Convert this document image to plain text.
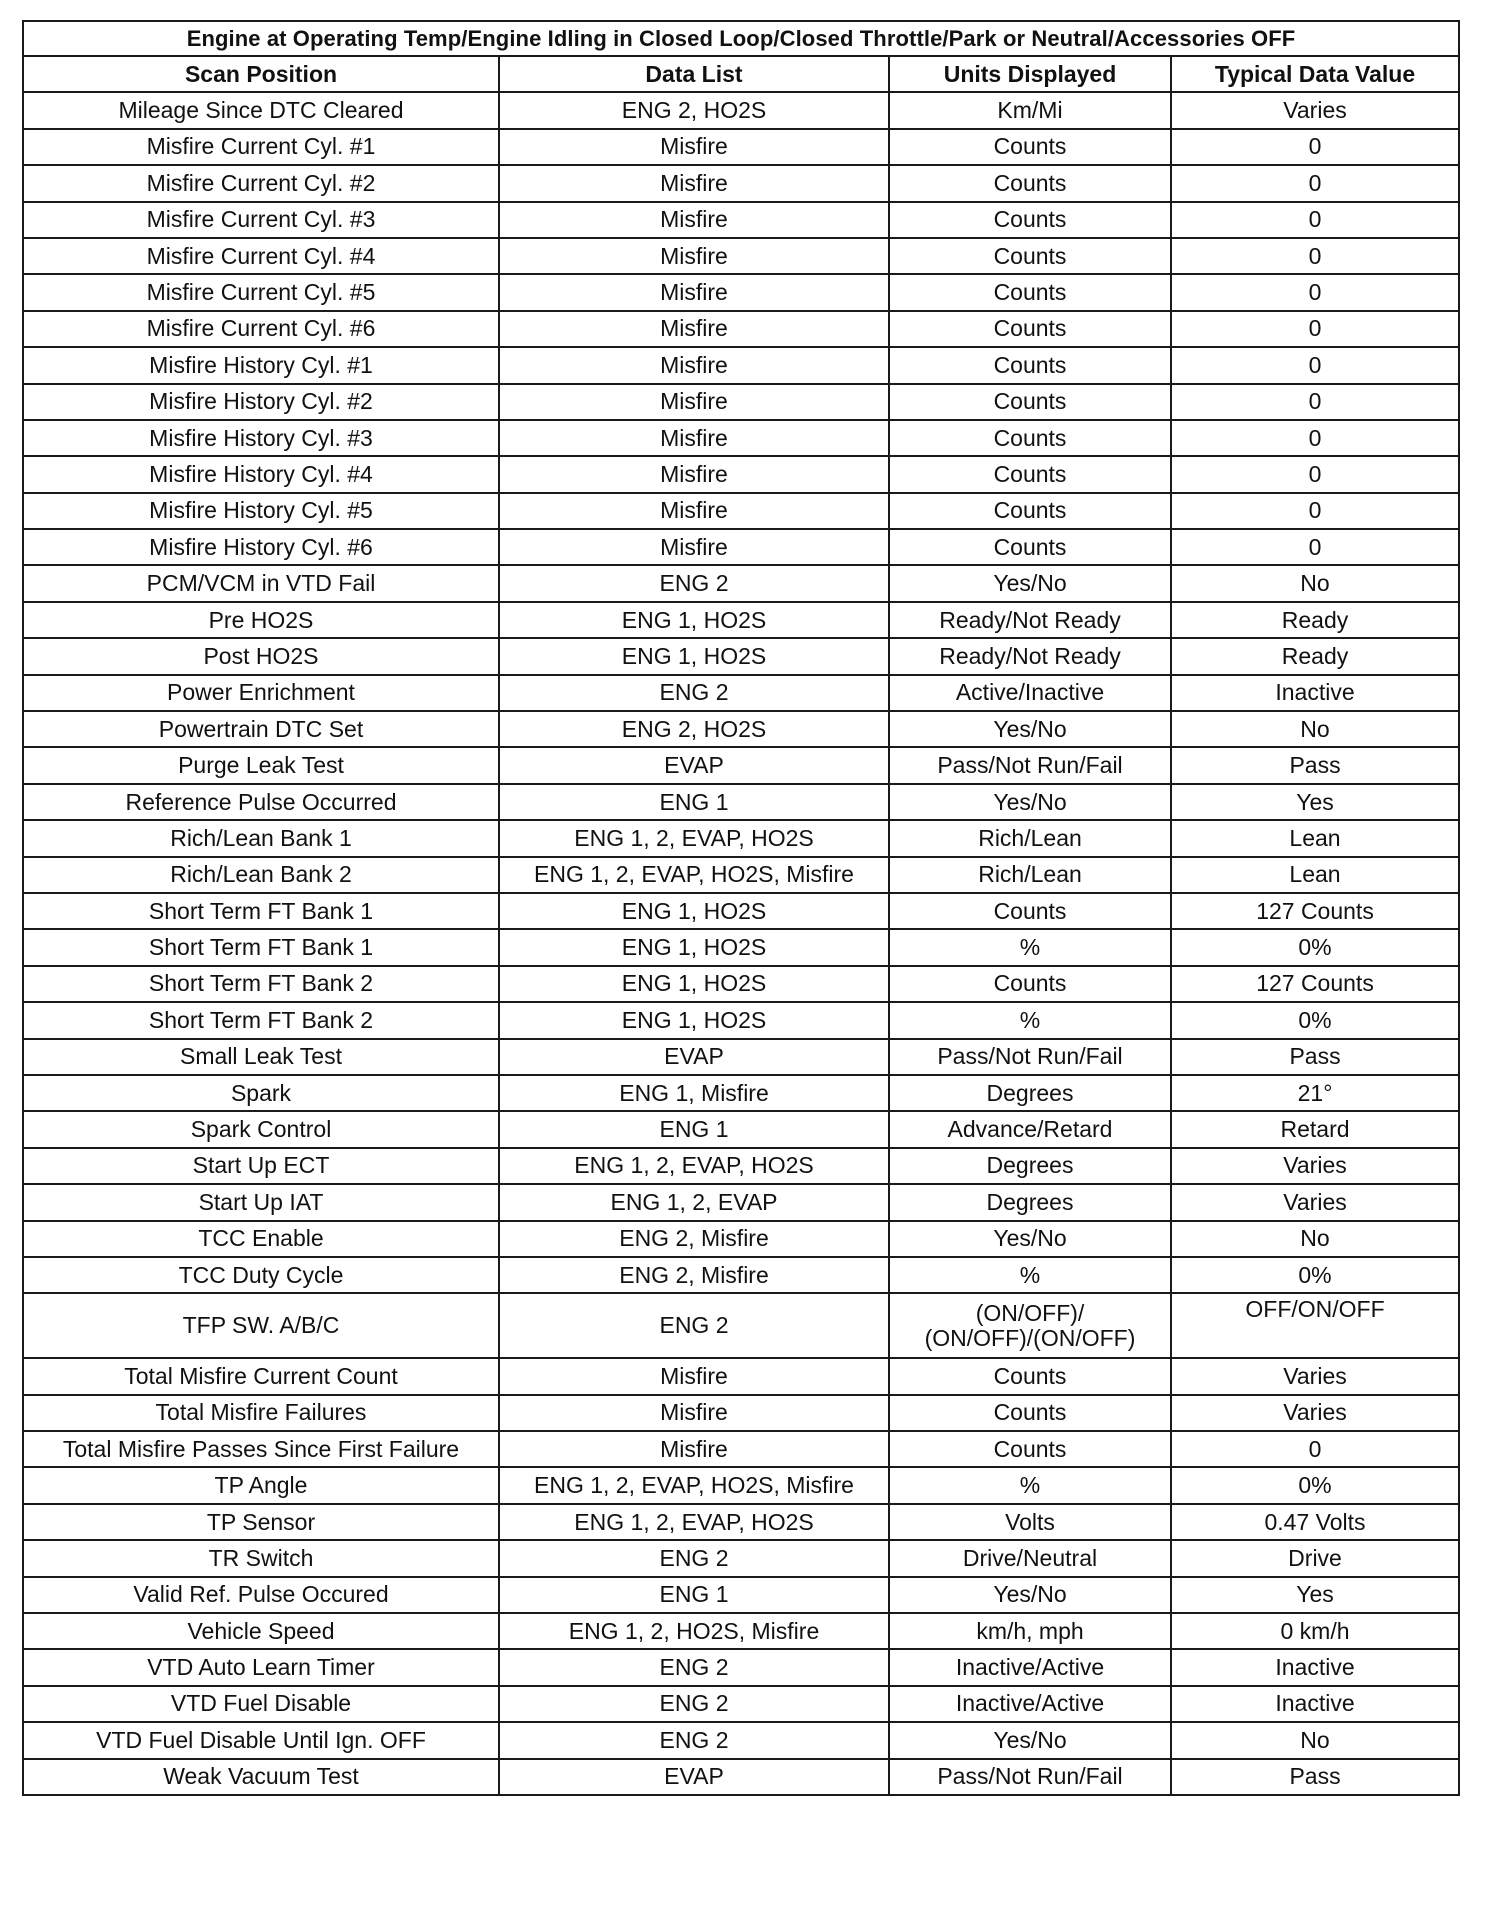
Engine at Operating Temp/Engine Idling in Closed Loop/Closed Throttle/Park or Neutral/Accessories OFF			
Scan Position	Data List	Units Displayed	Typical Data Value
Mileage Since DTC Cleared	ENG 2, HO2S	Km/Mi	Varies
Misfire Current Cyl. #1	Misfire	Counts	0
Misfire Current Cyl. #2	Misfire	Counts	0
Misfire Current Cyl. #3	Misfire	Counts	0
Misfire Current Cyl. #4	Misfire	Counts	0
Misfire Current Cyl. #5	Misfire	Counts	0
Misfire Current Cyl. #6	Misfire	Counts	0
Misfire History Cyl. #1	Misfire	Counts	0
Misfire History Cyl. #2	Misfire	Counts	0
Misfire History Cyl. #3	Misfire	Counts	0
Misfire History Cyl. #4	Misfire	Counts	0
Misfire History Cyl. #5	Misfire	Counts	0
Misfire History Cyl. #6	Misfire	Counts	0
PCM/VCM in VTD Fail	ENG 2	Yes/No	No
Pre HO2S	ENG 1, HO2S	Ready/Not Ready	Ready
Post HO2S	ENG 1, HO2S	Ready/Not Ready	Ready
Power Enrichment	ENG 2	Active/Inactive	Inactive
Powertrain DTC Set	ENG 2, HO2S	Yes/No	No
Purge Leak Test	EVAP	Pass/Not Run/Fail	Pass
Reference Pulse Occurred	ENG 1	Yes/No	Yes
Rich/Lean Bank 1	ENG 1, 2, EVAP, HO2S	Rich/Lean	Lean
Rich/Lean Bank 2	ENG 1, 2, EVAP, HO2S, Misfire	Rich/Lean	Lean
Short Term FT Bank 1	ENG 1, HO2S	Counts	127 Counts
Short Term FT Bank 1	ENG 1, HO2S	%	0%
Short Term FT Bank 2	ENG 1, HO2S	Counts	127 Counts
Short Term FT Bank 2	ENG 1, HO2S	%	0%
Small Leak Test	EVAP	Pass/Not Run/Fail	Pass
Spark	ENG 1, Misfire	Degrees	21°
Spark Control	ENG 1	Advance/Retard	Retard
Start Up ECT	ENG 1, 2, EVAP, HO2S	Degrees	Varies
Start Up IAT	ENG 1, 2, EVAP	Degrees	Varies
TCC Enable	ENG 2, Misfire	Yes/No	No
TCC Duty Cycle	ENG 2, Misfire	%	0%
TFP SW. A/B/C	ENG 2	(ON/OFF)/ (ON/OFF)/(ON/OFF)	OFF/ON/OFF
Total Misfire Current Count	Misfire	Counts	Varies
Total Misfire Failures	Misfire	Counts	Varies
Total Misfire Passes Since First Failure	Misfire	Counts	0
TP Angle	ENG 1, 2, EVAP, HO2S, Misfire	%	0%
TP Sensor	ENG 1, 2, EVAP, HO2S	Volts	0.47 Volts
TR Switch	ENG 2	Drive/Neutral	Drive
Valid Ref. Pulse Occured	ENG 1	Yes/No	Yes
Vehicle Speed	ENG 1, 2, HO2S, Misfire	km/h, mph	0 km/h
VTD Auto Learn Timer	ENG 2	Inactive/Active	Inactive
VTD Fuel Disable	ENG 2	Inactive/Active	Inactive
VTD Fuel Disable Until Ign. OFF	ENG 2	Yes/No	No
Weak Vacuum Test	EVAP	Pass/Not Run/Fail	Pass
